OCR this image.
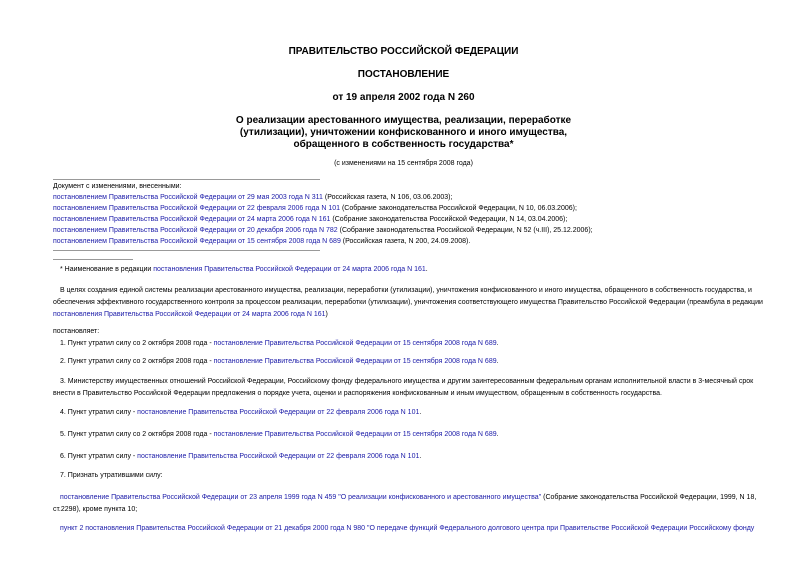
ПРАВИТЕЛЬСТВО РОССИЙСКОЙ ФЕДЕРАЦИИ
ПОСТАНОВЛЕНИЕ
от 19 апреля 2002 года N 260
О реализации арестованного имущества, реализации, переработке
(утилизации), уничтожении конфискованного и иного имущества,
обращенного в собственность государства*
(с изменениями на 15 сентября 2008 года)
Документ с изменениями, внесенными:
постановлением Правительства Российской Федерации от 29 мая 2003 года N 311 (Российская газета, N 106, 03.06.2003);
постановлением Правительства Российской Федерации от 22 февраля 2006 года N 101 (Собрание законодательства Российской Федерации, N 10, 06.03.2006);
постановлением Правительства Российской Федерации от 24 марта 2006 года N 161 (Собрание законодательства Российской Федерации, N 14, 03.04.2006);
постановлением Правительства Российской Федерации от 20 декабря 2006 года N 782 (Собрание законодательства Российской Федерации, N 52 (ч.III), 25.12.2006);
постановлением Правительства Российской Федерации от 15 сентября 2008 года N 689 (Российская газета, N 200, 24.09.2008).
* Наименование в редакции постановления Правительства Российской Федерации от 24 марта 2006 года N 161.
В целях создания единой системы реализации арестованного имущества, реализации, переработки (утилизации), уничтожения конфискованного и иного имущества, обращенного в собственность государства, и обеспечения эффективного государственного контроля за процессом реализации, переработки (утилизации), уничтожения соответствующего имущества Правительство Российской Федерации (преамбула в редакции постановления Правительства Российской Федерации от 24 марта 2006 года N 161)
постановляет:
1. Пункт утратил силу со 2 октября 2008 года - постановление Правительства Российской Федерации от 15 сентября 2008 года N 689.
2. Пункт утратил силу со 2 октября 2008 года - постановление Правительства Российской Федерации от 15 сентября 2008 года N 689.
3. Министерству имущественных отношений Российской Федерации, Российскому фонду федерального имущества и другим заинтересованным федеральным органам исполнительной власти в 3-месячный срок внести в Правительство Российской Федерации предложения о порядке учета, оценки и распоряжения конфискованным и иным имуществом, обращенным в собственность государства.
4. Пункт утратил силу - постановление Правительства Российской Федерации от 22 февраля 2006 года N 101.
5. Пункт утратил силу со 2 октября 2008 года - постановление Правительства Российской Федерации от 15 сентября 2008 года N 689.
6. Пункт утратил силу - постановление Правительства Российской Федерации от 22 февраля 2006 года N 101.
7. Признать утратившими силу:
постановление Правительства Российской Федерации от 23 апреля 1999 года N 459 "О реализации конфискованного и арестованного имущества" (Собрание законодательства Российской Федерации, 1999, N 18, ст.2298), кроме пункта 10;
пункт 2 постановления Правительства Российской Федерации от 21 декабря 2000 года N 980 "О передаче функций Федерального долгового центра при Правительстве Российской Федерации Российскому фонду
